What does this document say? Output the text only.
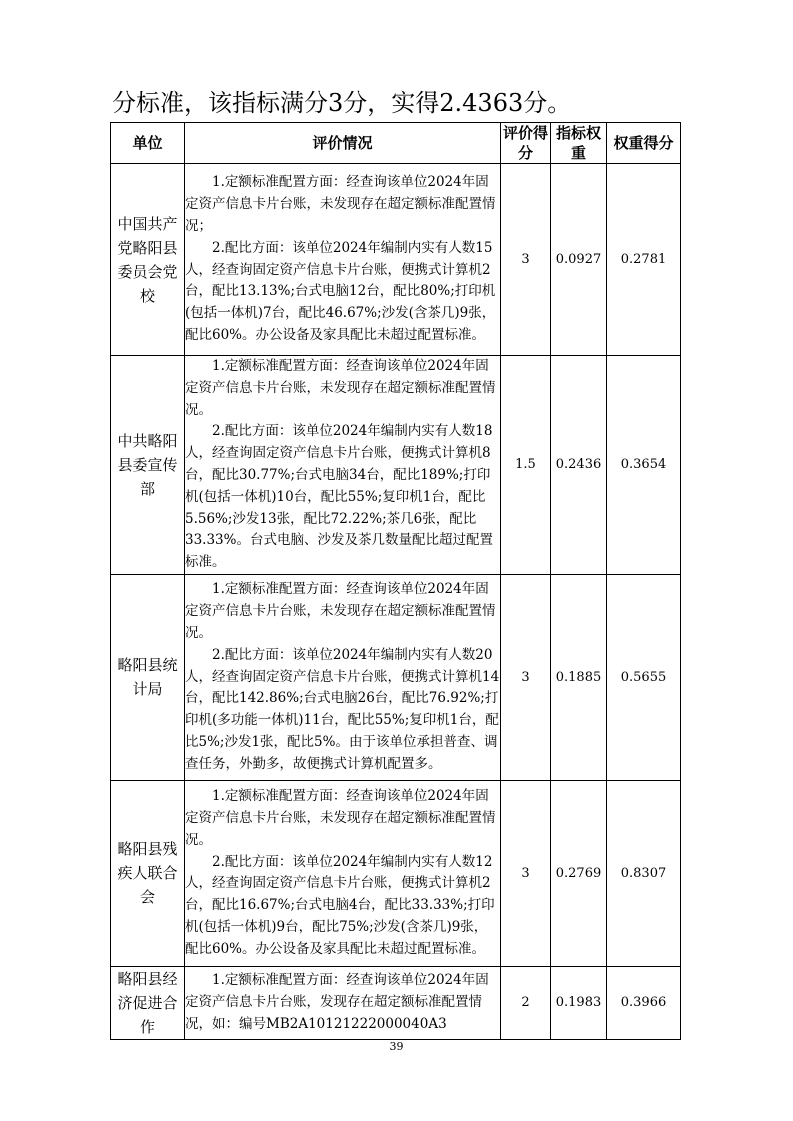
分标准，该指标满分3分，实得2.4363分。
单位	评价情况	评价得分	指标权重	权重得分
中国共产党略阳县委员会党校	1.定额标准配置方面：经查询该单位2024年固定资产信息卡片台账，未发现存在超定额标准配置情况；

2.配比方面：该单位2024年编制内实有人数15人，经查询固定资产信息卡片台账，便携式计算机2台，配比13.13%;台式电脑12台，配比80%;打印机(包括一体机)7台，配比46.67%;沙发(含茶几)9张，配比60%。办公设备及家具配比未超过配置标准。	3	0.0927	0.2781
中共略阳县委宣传部	1.定额标准配置方面：经查询该单位2024年固定资产信息卡片台账，未发现存在超定额标准配置情况。

2.配比方面：该单位2024年编制内实有人数18人，经查询固定资产信息卡片台账，便携式计算机8台，配比30.77%;台式电脑34台，配比189%;打印机(包括一体机)10台，配比55%;复印机1台，配比5.56%;沙发13张，配比72.22%;茶几6张，配比33.33%。台式电脑、沙发及茶几数量配比超过配置标准。	1.5	0.2436	0.3654
略阳县统计局	1.定额标准配置方面：经查询该单位2024年固定资产信息卡片台账，未发现存在超定额标准配置情况。

2.配比方面：该单位2024年编制内实有人数20人，经查询固定资产信息卡片台账，便携式计算机14台，配比142.86%;台式电脑26台，配比76.92%;打印机(多功能一体机)11台，配比55%;复印机1台，配比5%;沙发1张，配比5%。由于该单位承担普查、调查任务，外勤多，故便携式计算机配置多。	3	0.1885	0.5655
略阳县残疾人联合会	1.定额标准配置方面：经查询该单位2024年固定资产信息卡片台账，未发现存在超定额标准配置情况。

2.配比方面：该单位2024年编制内实有人数12人，经查询固定资产信息卡片台账，便携式计算机2台，配比16.67%;台式电脑4台，配比33.33%;打印机(包括一体机)9台，配比75%;沙发(含茶几)9张，配比60%。办公设备及家具配比未超过配置标准。	3	0.2769	0.8307
略阳县经济促进合作	1.定额标准配置方面：经查询该单位2024年固定资产信息卡片台账，发现存在超定额标准配置情况，如：编号MB2A10121222000040A3	2	0.1983	0.3966
39
